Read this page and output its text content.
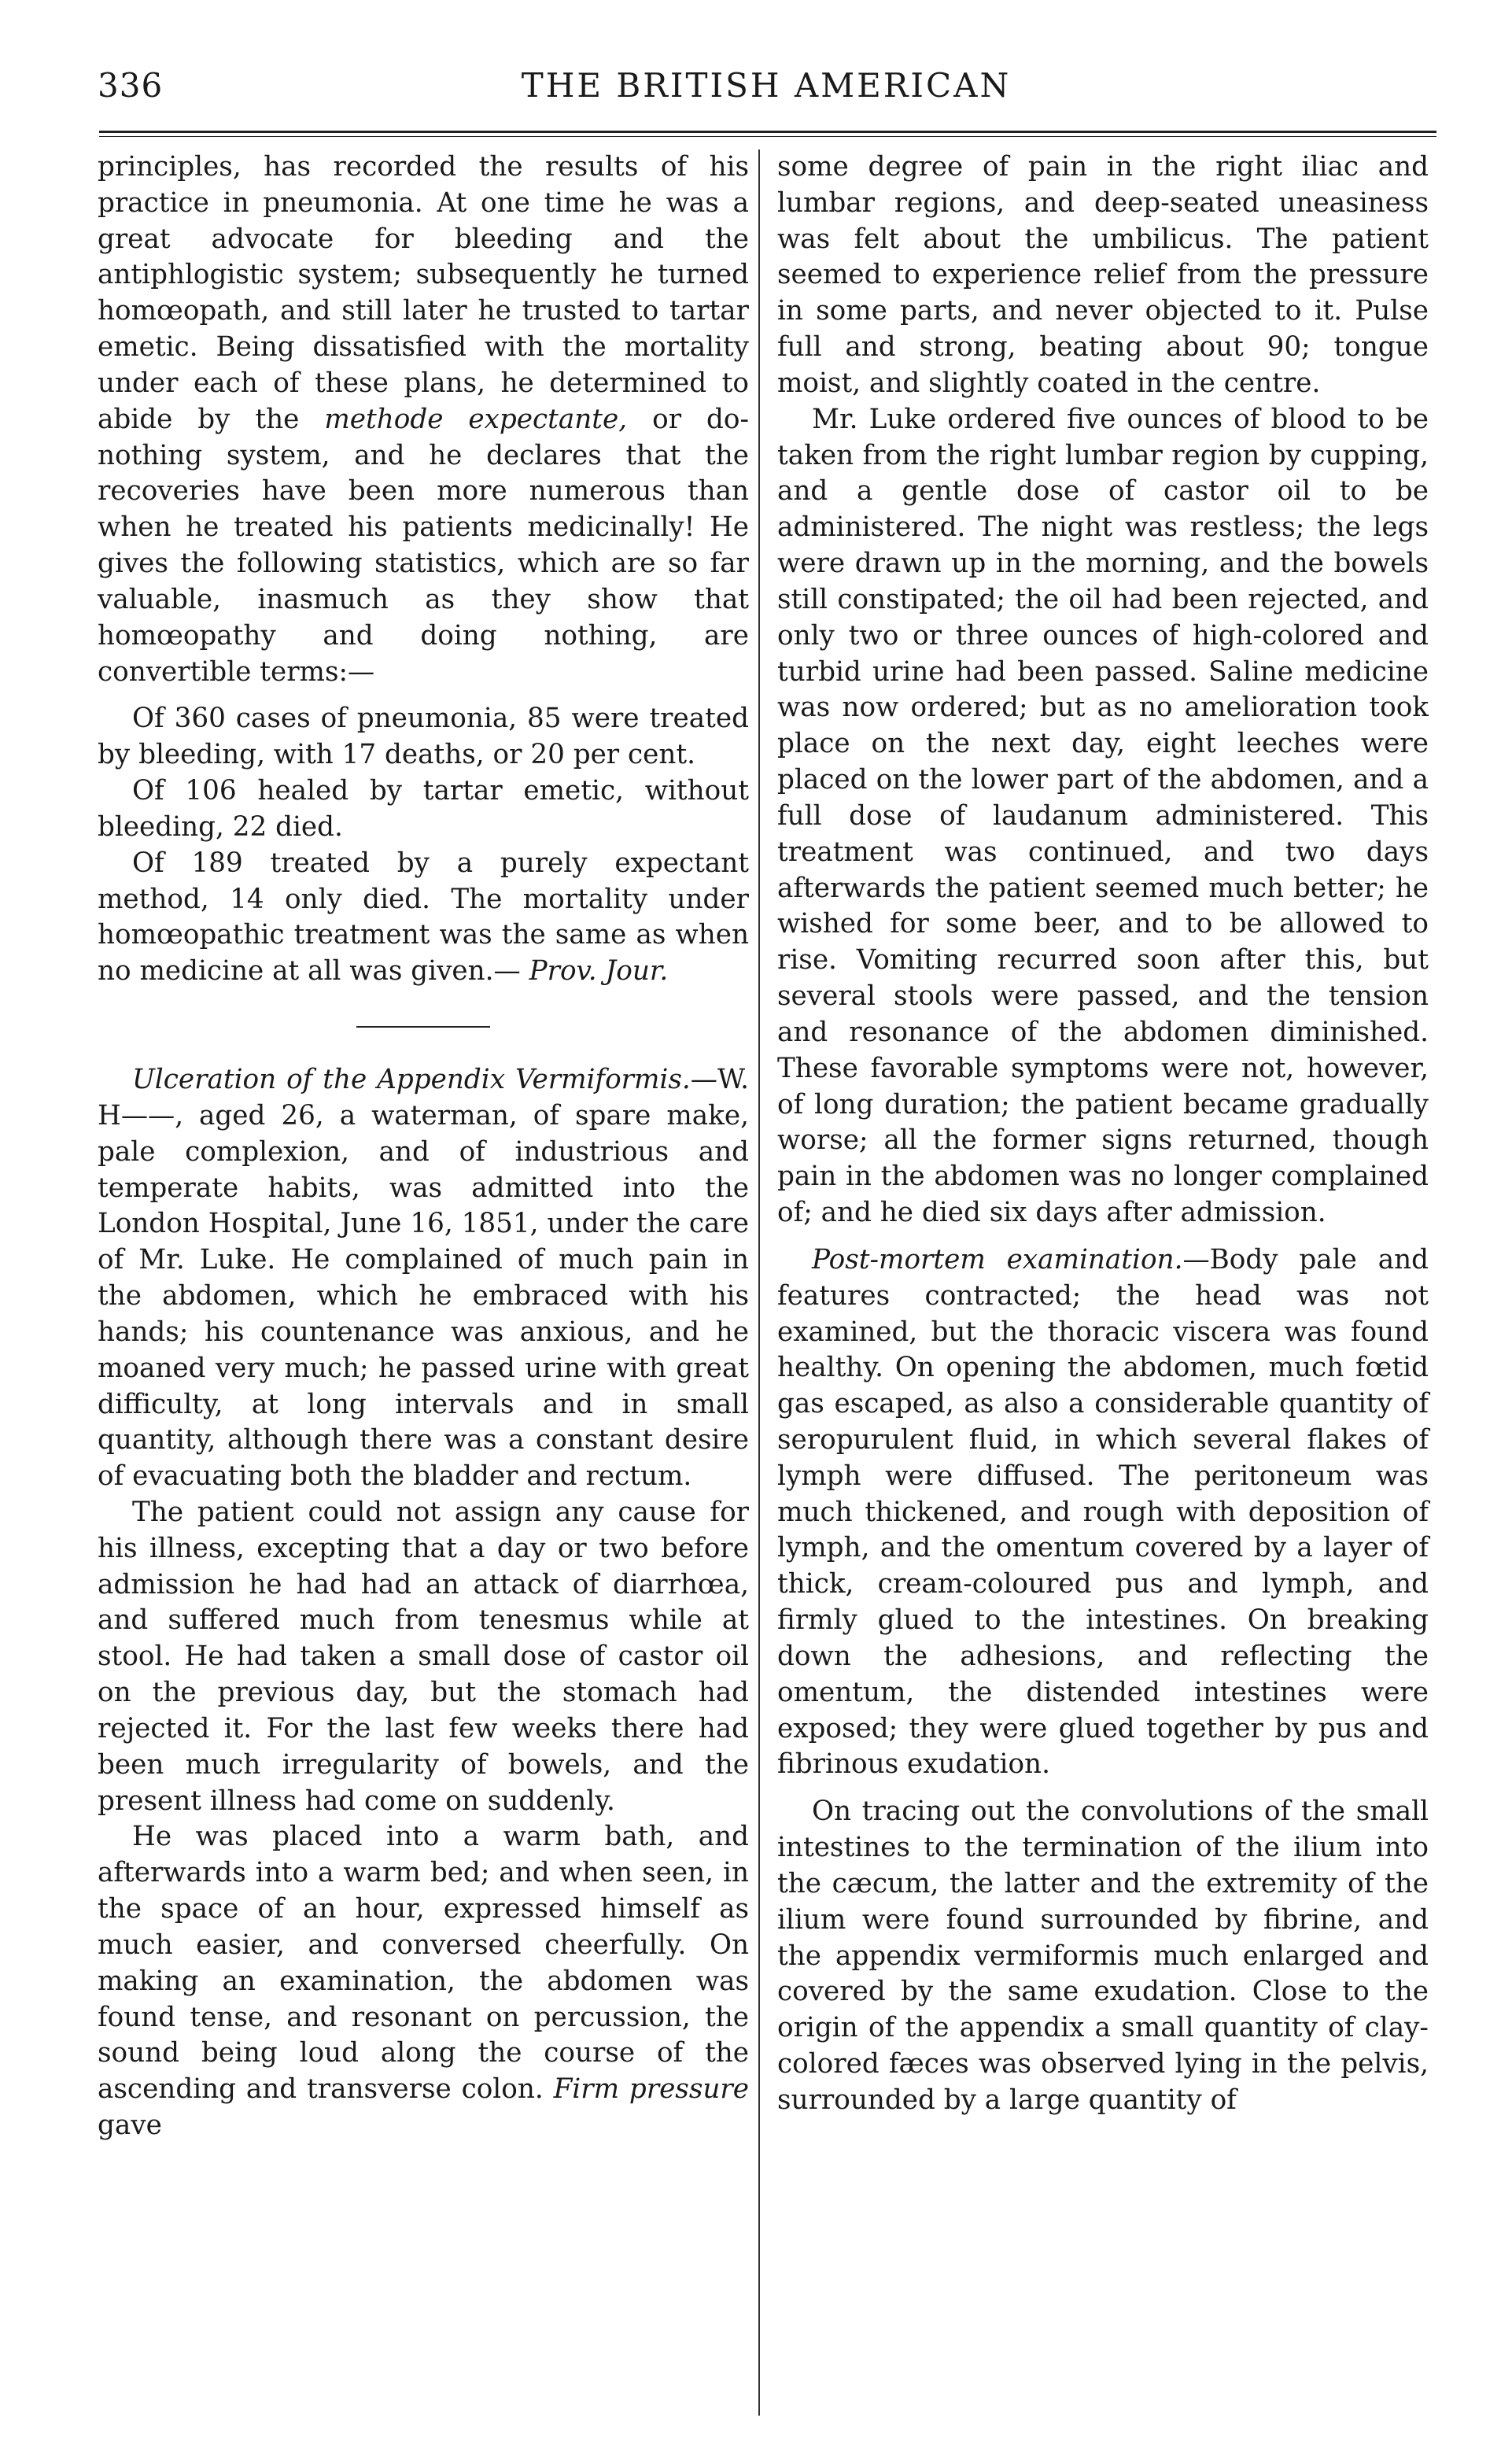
336	THE BRITISH AMERICAN

principles, has recorded the results of his practice in pneumonia. At one time he was a great advocate for bleeding and the antiphlogistic system; subsequently he turned homœopath, and still later he trusted to tartar emetic. Being dissatisfied with the mortality under each of these plans, he determined to abide by the methode expectante, or do-nothing system, and he declares that the recoveries have been more numerous than when he treated his patients medicinally! He gives the following statistics, which are so far valuable, inasmuch as they show that homœopathy and doing nothing, are convertible terms:—

Of 360 cases of pneumonia, 85 were treated by bleeding, with 17 deaths, or 20 per cent.

Of 106 healed by tartar emetic, without bleeding, 22 died.

Of 189 treated by a purely expectant method, 14 only died. The mortality under homœopathic treatment was the same as when no medicine at all was given.— Prov. Jour.

Ulceration of the Appendix Vermiformis.—W. H——, aged 26, a waterman, of spare make, pale complexion, and of industrious and temperate habits, was admitted into the London Hospital, June 16, 1851, under the care of Mr. Luke. He complained of much pain in the abdomen, which he embraced with his hands; his countenance was anxious, and he moaned very much; he passed urine with great difficulty, at long intervals and in small quantity, although there was a constant desire of evacuating both the bladder and rectum.

The patient could not assign any cause for his illness, excepting that a day or two before admission he had had an attack of diarrhœa, and suffered much from tenesmus while at stool. He had taken a small dose of castor oil on the previous day, but the stomach had rejected it. For the last few weeks there had been much irregularity of bowels, and the present illness had come on suddenly.

He was placed into a warm bath, and afterwards into a warm bed; and when seen, in the space of an hour, expressed himself as much easier, and conversed cheerfully. On making an examination, the abdomen was found tense, and resonant on percussion, the sound being loud along the course of the ascending and transverse colon. Firm pressure gave

some degree of pain in the right iliac and lumbar regions, and deep-seated uneasiness was felt about the umbilicus. The patient seemed to experience relief from the pressure in some parts, and never objected to it. Pulse full and strong, beating about 90; tongue moist, and slightly coated in the centre.

Mr. Luke ordered five ounces of blood to be taken from the right lumbar region by cupping, and a gentle dose of castor oil to be administered. The night was restless; the legs were drawn up in the morning, and the bowels still constipated; the oil had been rejected, and only two or three ounces of high-colored and turbid urine had been passed. Saline medicine was now ordered; but as no amelioration took place on the next day, eight leeches were placed on the lower part of the abdomen, and a full dose of laudanum administered. This treatment was continued, and two days afterwards the patient seemed much better; he wished for some beer, and to be allowed to rise. Vomiting recurred soon after this, but several stools were passed, and the tension and resonance of the abdomen diminished. These favorable symptoms were not, however, of long duration; the patient became gradually worse; all the former signs returned, though pain in the abdomen was no longer complained of; and he died six days after admission.

Post-mortem examination.—Body pale and features contracted; the head was not examined, but the thoracic viscera was found healthy. On opening the abdomen, much fœtid gas escaped, as also a considerable quantity of seropurulent fluid, in which several flakes of lymph were diffused. The peritoneum was much thickened, and rough with deposition of lymph, and the omentum covered by a layer of thick, cream-coloured pus and lymph, and firmly glued to the intestines. On breaking down the adhesions, and reflecting the omentum, the distended intestines were exposed; they were glued together by pus and fibrinous exudation.

On tracing out the convolutions of the small intestines to the termination of the ilium into the cæcum, the latter and the extremity of the ilium were found surrounded by fibrine, and the appendix vermiformis much enlarged and covered by the same exudation. Close to the origin of the appendix a small quantity of clay-colored fæces was observed lying in the pelvis, surrounded by a large quantity of
